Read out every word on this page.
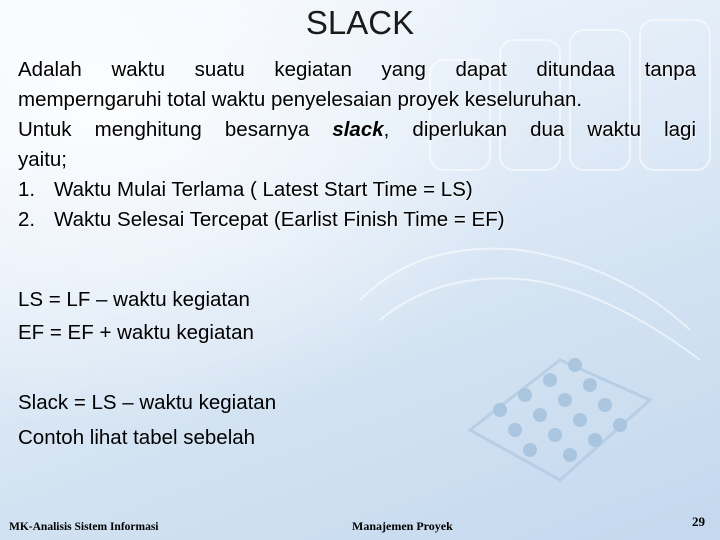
SLACK

Adalah waktu suatu kegiatan yang dapat ditundaa tanpa

memperngaruhi total waktu penyelesaian proyek keseluruhan.

Untuk menghitung besarnya slack, diperlukan dua waktu lagi

yaitu;

1. Waktu Mulai Terlama ( Latest Start Time = LS)
2. Waktu Selesai Tercepat (Earlist Finish Time = EF)
LS = LF – waktu kegiatan
EF = EF + waktu kegiatan
Slack = LS – waktu kegiatan
Contoh lihat tabel sebelah
MK-Analisis Sistem Informasi	Manajemen Proyek	29
